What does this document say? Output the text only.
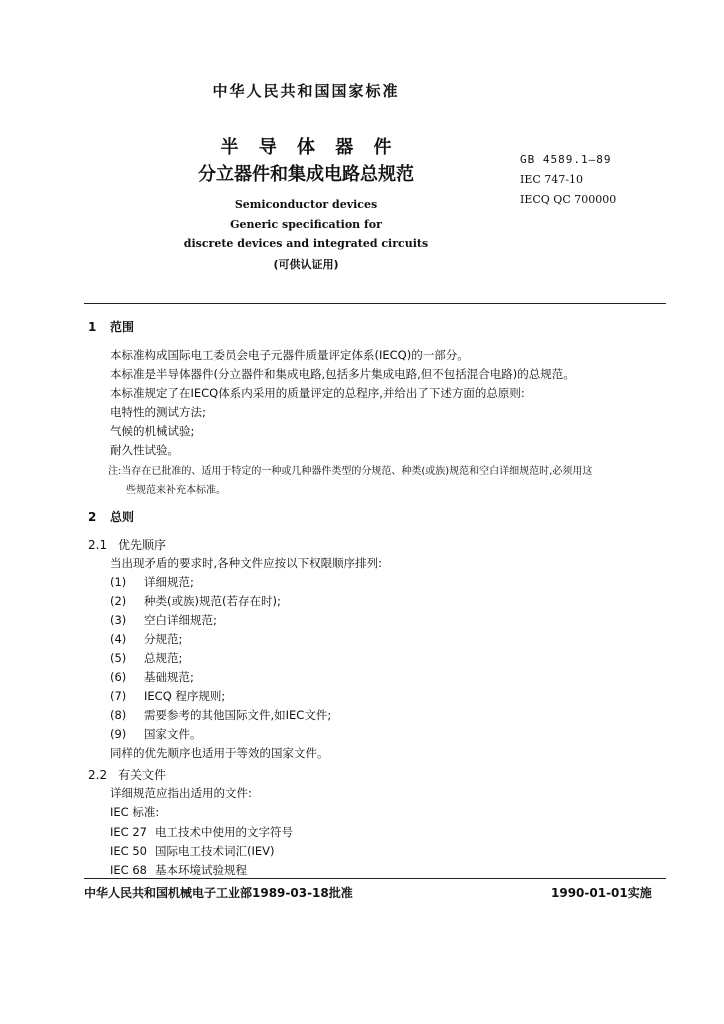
中华人民共和国国家标准
半 导 体 器 件
分立器件和集成电路总规范
Semiconductor devices
Generic specification for
discrete devices and integrated circuits
(可供认证用)
GB 4589.1—89
IEC 747-10
IECQ QC 700000
1 范围
本标准构成国际电工委员会电子元器件质量评定体系(IECQ)的一部分。
本标准是半导体器件(分立器件和集成电路,包括多片集成电路,但不包括混合电路)的总规范。
本标准规定了在IECQ体系内采用的质量评定的总程序,并给出了下述方面的总原则:
电特性的测试方法;
气候的机械试验;
耐久性试验。
注:当存在已批准的、适用于特定的一种或几种器件类型的分规范、种类(或族)规范和空白详细规范时,必须用这
些规范来补充本标准。
2 总则
2.1 优先顺序
当出现矛盾的要求时,各种文件应按以下权限顺序排列:
(1) 详细规范;
(2) 种类(或族)规范(若存在时);
(3) 空白详细规范;
(4) 分规范;
(5) 总规范;
(6) 基础规范;
(7) IECQ 程序规则;
(8) 需要参考的其他国际文件,如IEC文件;
(9) 国家文件。
同样的优先顺序也适用于等效的国家文件。
2.2 有关文件
详细规范应指出适用的文件:
IEC 标准:
IEC 27 电工技术中使用的文字符号
IEC 50 国际电工技术词汇(IEV)
IEC 68 基本环境试验规程
中华人民共和国机械电子工业部1989-03-18批准	1990-01-01实施
